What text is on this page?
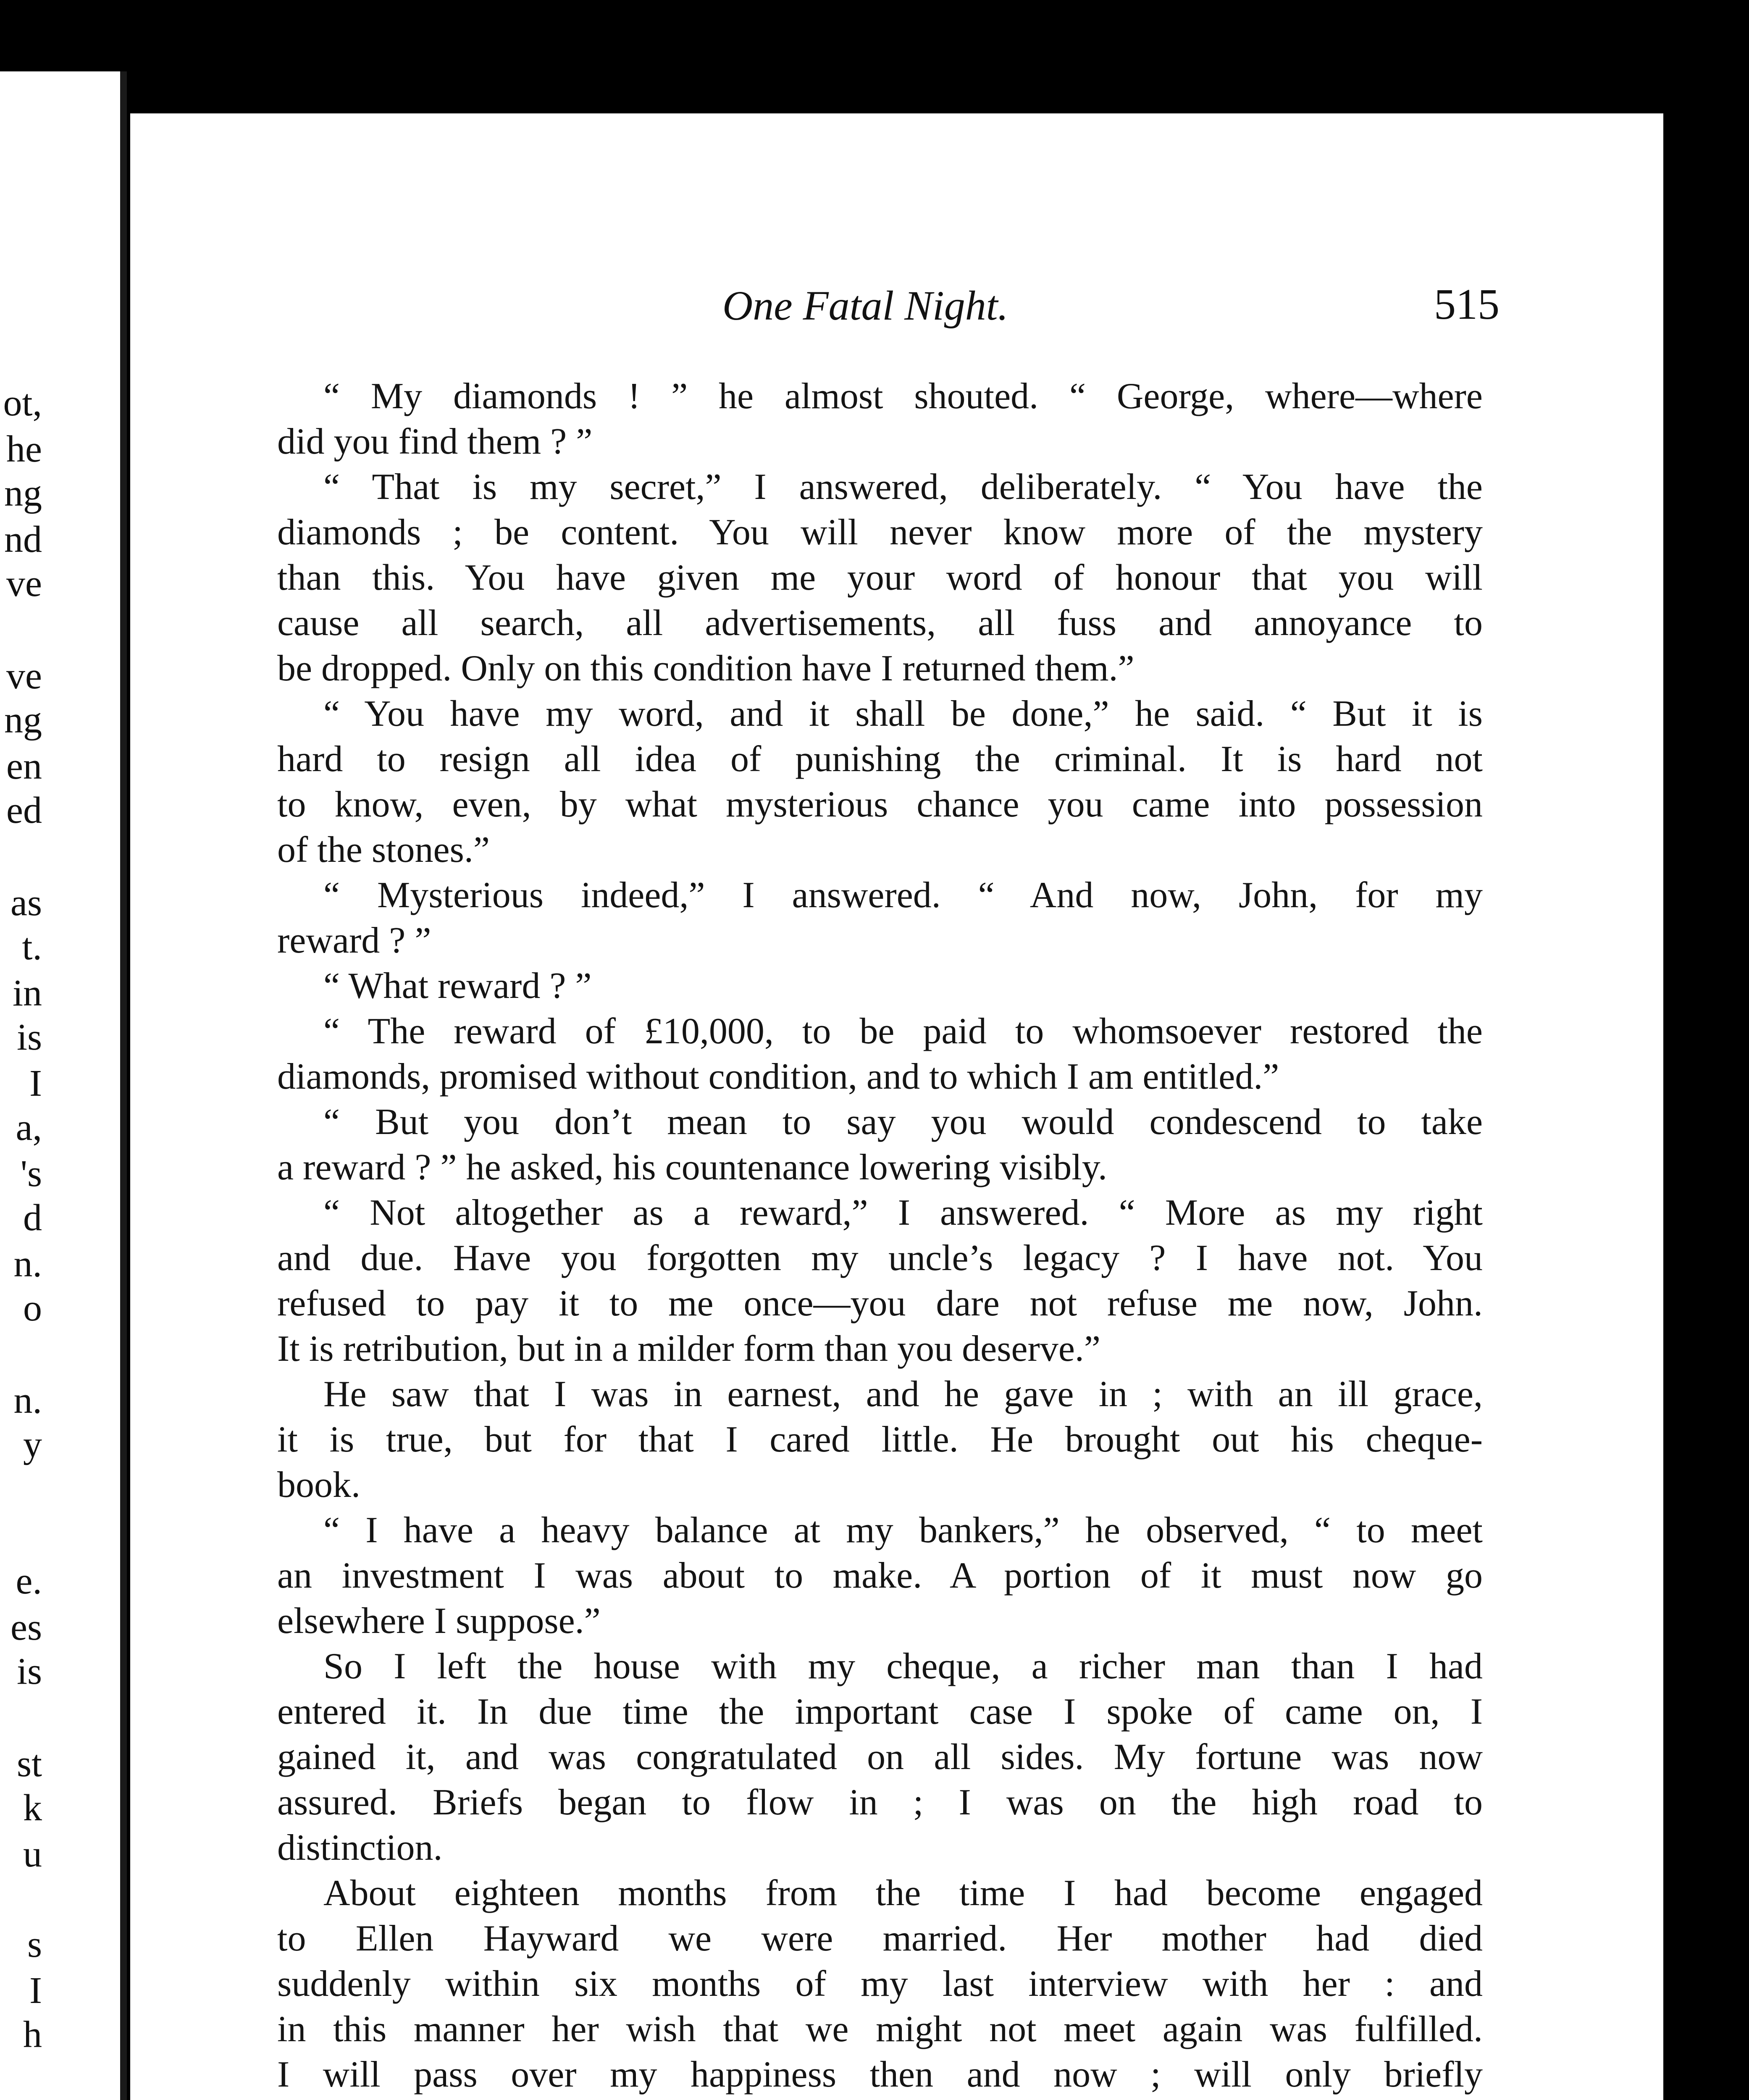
ot,
he
ng
nd
ve
ve
ng
en
ed
as
t.
in
is
I
a,
's
d
n.
o
n.
y
e.
es
is
st
k
u
s
I
h
One Fatal Night.	515
“ My diamonds ! ” he almost shouted. “ George, where—where
did you find them ? ”
“ That is my secret,” I answered, deliberately. “ You have the
diamonds ; be content. You will never know more of the mystery
than this. You have given me your word of honour that you will
cause all search, all advertisements, all fuss and annoyance to
be dropped. Only on this condition have I returned them.”
“ You have my word, and it shall be done,” he said. “ But it is
hard to resign all idea of punishing the criminal. It is hard not
to know, even, by what mysterious chance you came into possession
of the stones.”
“ Mysterious indeed,” I answered. “ And now, John, for my
reward ? ”
“ What reward ? ”
“ The reward of £10,000, to be paid to whomsoever restored the
diamonds, promised without condition, and to which I am entitled.”
“ But you don’t mean to say you would condescend to take
a reward ? ” he asked, his countenance lowering visibly.
“ Not altogether as a reward,” I answered. “ More as my right
and due. Have you forgotten my uncle’s legacy ? I have not. You
refused to pay it to me once—you dare not refuse me now, John.
It is retribution, but in a milder form than you deserve.”
He saw that I was in earnest, and he gave in ; with an ill grace,
it is true, but for that I cared little. He brought out his cheque-
book.
“ I have a heavy balance at my bankers,” he observed, “ to meet
an investment I was about to make. A portion of it must now go
elsewhere I suppose.”
So I left the house with my cheque, a richer man than I had
entered it. In due time the important case I spoke of came on, I
gained it, and was congratulated on all sides. My fortune was now
assured. Briefs began to flow in ; I was on the high road to
distinction.
About eighteen months from the time I had become engaged
to Ellen Hayward we were married. Her mother had died
suddenly within six months of my last interview with her : and
in this manner her wish that we might not meet again was fulfilled.
I will pass over my happiness then and now ; will only briefly
